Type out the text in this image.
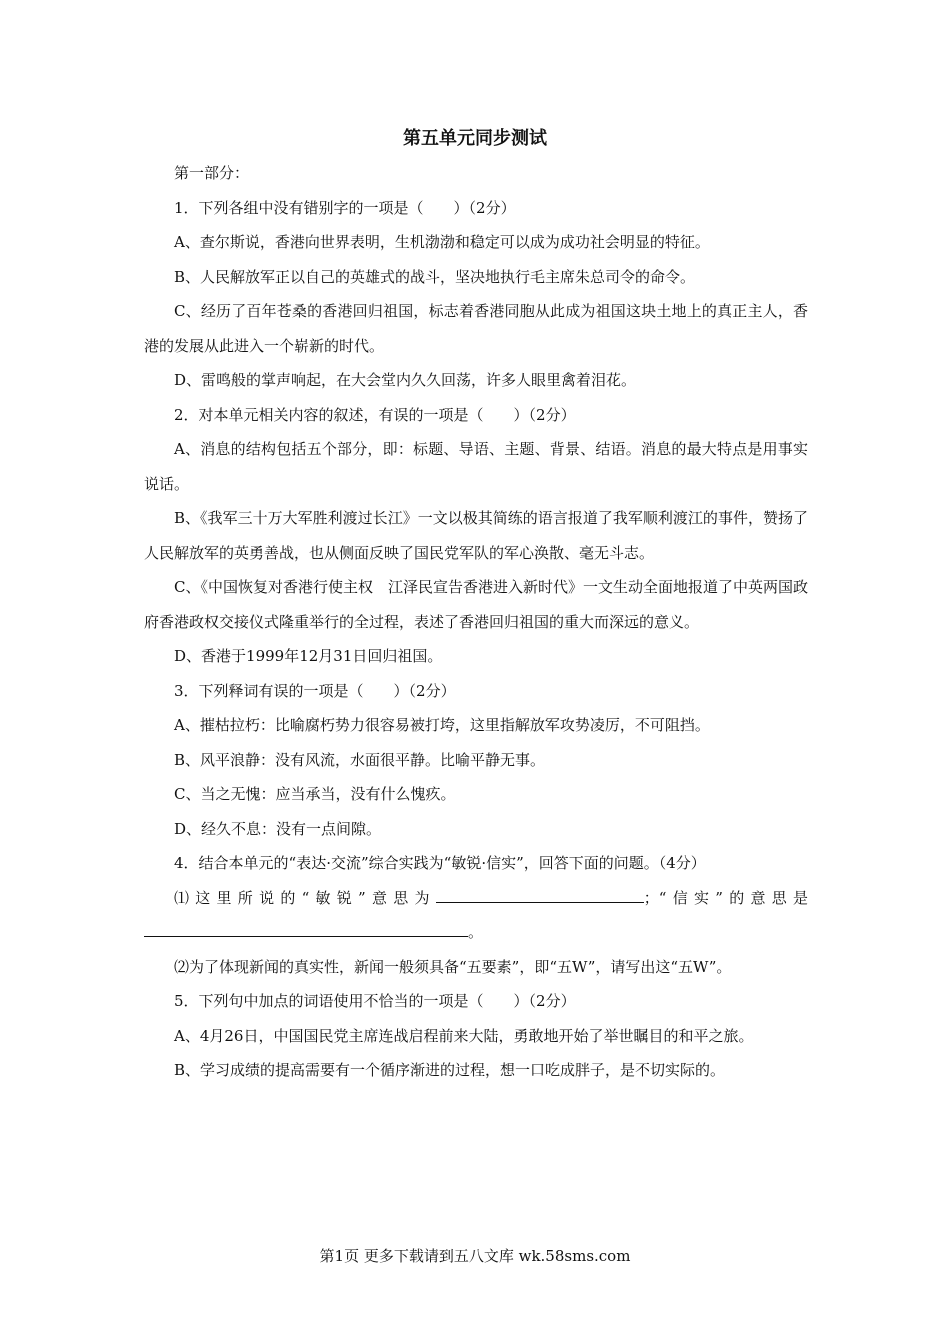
第五单元同步测试

第一部分：

1．下列各组中没有错别字的一项是（　　）（2分）

A、查尔斯说，香港向世界表明，生机渤渤和稳定可以成为成功社会明显的特征。

B、人民解放军正以自己的英雄式的战斗，坚决地执行毛主席朱总司令的命令。

C、经历了百年苍桑的香港回归祖国，标志着香港同胞从此成为祖国这块土地上的真正主人，香港的发展从此进入一个崭新的时代。

D、雷鸣般的掌声响起，在大会堂内久久回荡，许多人眼里禽着泪花。

2．对本单元相关内容的叙述，有误的一项是（　　）（2分）

A、消息的结构包括五个部分，即：标题、导语、主题、背景、结语。消息的最大特点是用事实说话。

B、《我军三十万大军胜利渡过长江》一文以极其简练的语言报道了我军顺利渡江的事件，赞扬了人民解放军的英勇善战，也从侧面反映了国民党军队的军心涣散、毫无斗志。

C、《中国恢复对香港行使主权　江泽民宣告香港进入新时代》一文生动全面地报道了中英两国政府香港政权交接仪式隆重举行的全过程，表述了香港回归祖国的重大而深远的意义。

D、香港于1999年12月31日回归祖国。

3．下列释词有误的一项是（　　）（2分）

A、摧枯拉朽：比喻腐朽势力很容易被打垮，这里指解放军攻势凌厉，不可阻挡。

B、风平浪静：没有风流，水面很平静。比喻平静无事。

C、当之无愧：应当承当，没有什么愧疚。

D、经久不息：没有一点间隙。

4．结合本单元的“表达·交流”综合实践为“敏锐·信实”，回答下面的问题。（4分）

⑴这里所说的“敏锐”意思为	；“信实”的意思是。

⑵为了体现新闻的真实性，新闻一般须具备“五要素”，即“五W”，请写出这“五W”。

5．下列句中加点的词语使用不恰当的一项是（　　）（2分）

A、4月26日，中国国民党主席连战启程前来大陆，勇敢地开始了举世瞩目的和平之旅。

B、学习成绩的提高需要有一个循序渐进的过程，想一口吃成胖子，是不切实际的。

第1页 更多下载请到五八文库 wk.58sms.com
